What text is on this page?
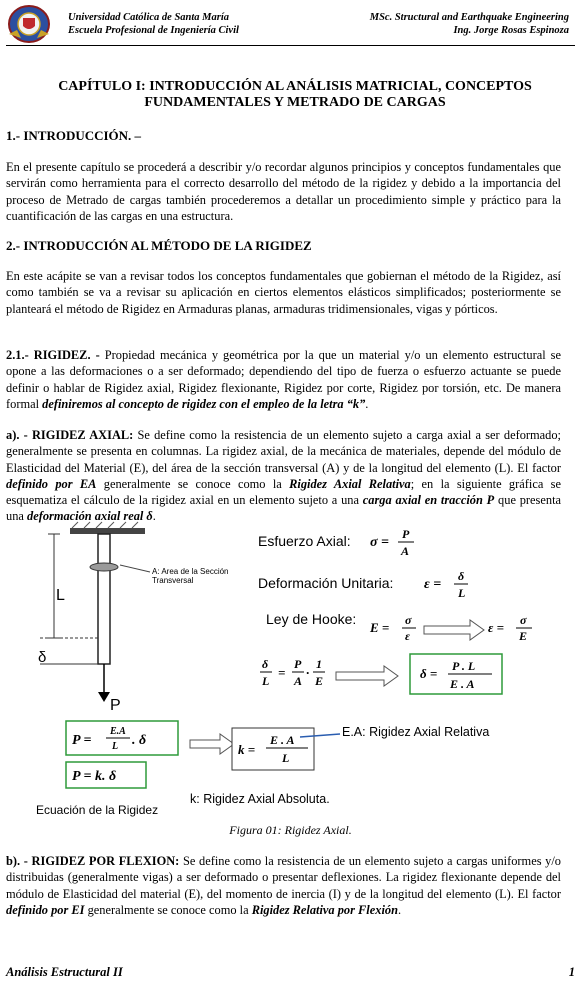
Universidad Católica de Santa María
Escuela Profesional de Ingeniería Civil
MSc. Structural and Earthquake Engineering
Ing. Jorge Rosas Espinoza
CAPÍTULO I: INTRODUCCIÓN AL ANÁLISIS MATRICIAL, CONCEPTOS
FUNDAMENTALES Y METRADO DE CARGAS
1.- INTRODUCCIÓN. –
En el presente capítulo se procederá a describir y/o recordar algunos principios y conceptos fundamentales que servirán como herramienta para el correcto desarrollo del método de la rigidez y debido a la importancia del proceso de Metrado de cargas también procederemos a detallar un procedimiento simple y práctico para la cuantificación de las cargas en una estructura.
2.- INTRODUCCIÓN AL MÉTODO DE LA RIGIDEZ
En este acápite se van a revisar todos los conceptos fundamentales que gobiernan el método de la Rigidez, así como también se va a revisar su aplicación en ciertos elementos elásticos simplificados; posteriormente se planteará el método de Rigidez en Armaduras planas, armaduras tridimensionales, vigas y pórticos.
2.1.- RIGIDEZ. - Propiedad mecánica y geométrica por la que un material y/o un elemento estructural se opone a las deformaciones o a ser deformado; dependiendo del tipo de fuerza o esfuerzo actuante se puede definir o hablar de Rigidez axial, Rigidez flexionante, Rigidez por corte, Rigidez por torsión, etc. De manera formal definiremos al concepto de rigidez con el empleo de la letra “k”.
a). - RIGIDEZ AXIAL: Se define como la resistencia de un elemento sujeto a carga axial a ser deformado; generalmente se presenta en columnas. La rigidez axial, de la mecánica de materiales, depende del módulo de Elasticidad del Material (E), del área de la sección transversal (A) y de la longitud del elemento (L). El factor definido por EA generalmente se conoce como la Rigidez Axial Relativa; en la siguiente gráfica se esquematiza el cálculo de la rigidez axial en un elemento sujeto a una carga axial en tracción P que presenta una deformación axial real δ.
A: Area de la Sección
Transversal
L
δ
P
Esfuerzo Axial: σ =
P
A
Deformación Unitaria: ε =
δ
L
Ley de Hooke:
E = σ
ε
ε = σ
E
δ
L
=
P
A
·
1
E	δ = P . L
E . A
P =
E.A
L . δ
P = k. δ
Ecuación de la Rigidez
k =
E . A
L
E.A: Rigidez Axial Relativa
k: Rigidez Axial Absoluta.
Figura 01: Rigidez Axial.
b). - RIGIDEZ POR FLEXION: Se define como la resistencia de un elemento sujeto a cargas uniformes y/o distribuidas (generalmente vigas) a ser deformado o presentar deflexiones. La rigidez flexionante depende del módulo de Elasticidad del material (E), del momento de inercia (I) y de la longitud del elemento (L). El factor definido por EI generalmente se conoce como la Rigidez Relativa por Flexión.
Análisis Estructural II	1
